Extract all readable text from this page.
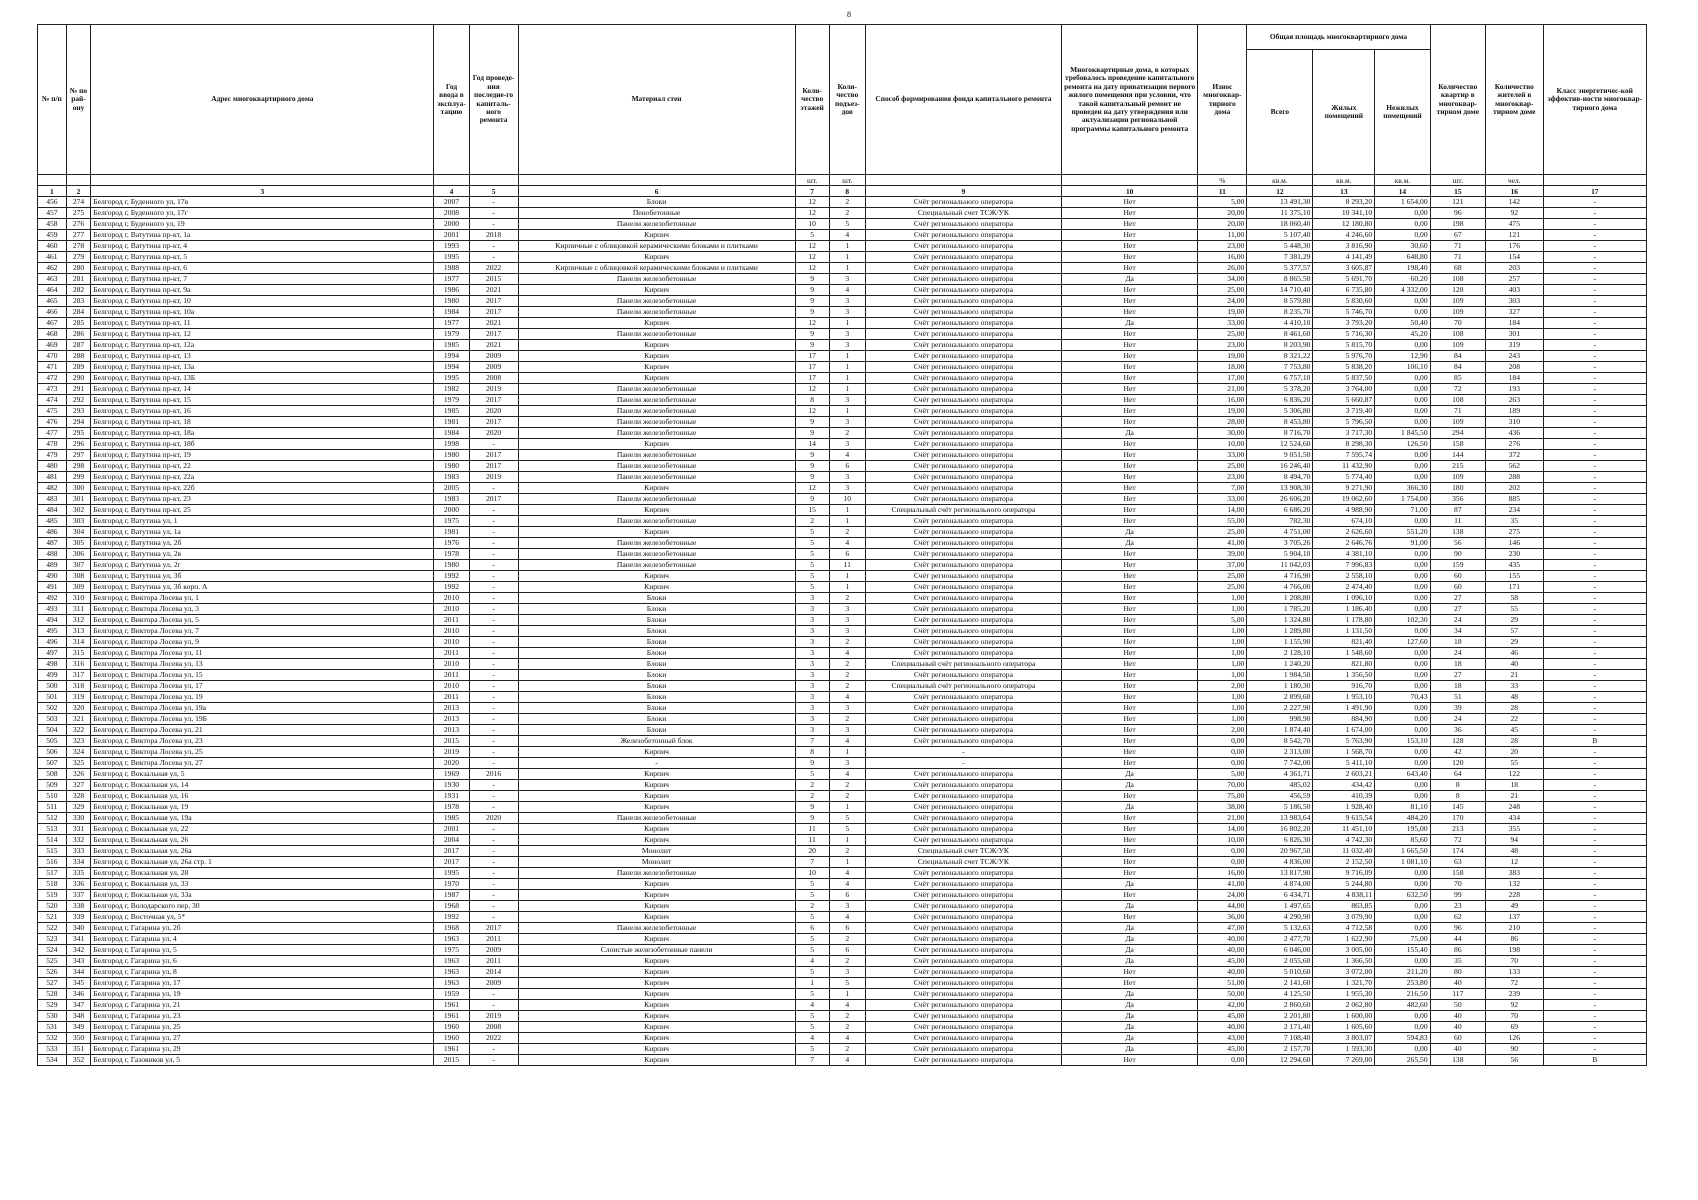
8
№ п/п	№ по рай-ону	Адрес многоквартирного дома	Год ввода в эксплуа-тацию	Год проведе-ния последне-го капиталь-ного ремонта	Материал стен	Коли-чество этажей	Коли-чество подъез-дов	Способ формирования фонда капитального ремонта	Многоквартирные дома, в которых требовалось проведение капитального ремонта на дату приватизации первого жилого помещения при условии, что такой капитальный ремонт не проведен на дату утверждения или актуализации региональной программы капитального ремонта	Износ многоквар-тирного дома	Общая площадь многоквартирного дома			Количество квартир в многоквар-тирном доме	Количество жителей в многоквар-тирном доме	Класс энергетичес-кой эффектив-ности многоквар-тирного дома
											Всего	Жилых помещений	Нежилых помещений			
						шт.	шт.			%	кв.м.	кв.м.	кв.м.	шт.	чел.	
1	2	3	4	5	6	7	8	9	10	11	12	13	14	15	16	17
456	274	Белгород г, Буденного ул, 17в	2007	-	Блоки	12	2	Счёт регионального оператора	Нет	5,00	13 491,30	8 293,20	1 654,00	121	142	-
457	275	Белгород г, Буденного ул, 17г	2008	-	Пенобетонные	12	2	Специальный счет ТСЖ/УК	Нет	20,00	11 375,10	10 341,10	0,00	96	92	-
458	276	Белгород г, Буденного ул, 19	2000	-	Панели железобетонные	10	5	Счёт регионального оператора	Нет	20,00	18 060,40	12 180,80	0,00	198	475	-
459	277	Белгород г, Ватутина пр-кт, 1а	2001	2018	Кирпич	5	4	Счёт регионального оператора	Нет	11,00	5 107,40	4 246,60	0,00	67	121	-
460	278	Белгород г, Ватутина пр-кт, 4	1993	-	Кирпичные с облицовкой керамическими блоками и плитками	12	1	Счёт регионального оператора	Нет	23,00	5 448,30	3 816,90	30,60	71	176	-
461	279	Белгород г, Ватутина пр-кт, 5	1995	-	Кирпич	12	1	Счёт регионального оператора	Нет	16,00	7 381,29	4 141,49	648,80	71	154	-
462	280	Белгород г, Ватутина пр-кт, 6	1988	2022	Кирпичные с облицовкой керамическими блоками и плитками	12	1	Счёт регионального оператора	Нет	26,00	5 377,57	3 605,87	198,40	68	203	-
463	281	Белгород г, Ватутина пр-кт, 7	1977	2015	Панели железобетонные	9	3	Счёт регионального оператора	Да	34,00	8 865,50	5 691,70	60,20	108	257	-
464	282	Белгород г, Ватутина пр-кт, 9а	1986	2021	Кирпич	9	4	Счёт регионального оператора	Нет	25,00	14 710,40	6 735,80	4 332,00	128	403	-
465	283	Белгород г, Ватутина пр-кт, 10	1980	2017	Панели железобетонные	9	3	Счёт регионального оператора	Нет	24,00	8 579,80	5 830,60	0,00	109	303	-
466	284	Белгород г, Ватутина пр-кт, 10а	1984	2017	Панели железобетонные	9	3	Счёт регионального оператора	Нет	19,00	8 235,70	5 746,70	0,00	109	327	-
467	285	Белгород г, Ватутина пр-кт, 11	1977	2021	Кирпич	12	1	Счёт регионального оператора	Да	33,00	4 410,10	3 793,20	50,40	70	184	-
468	286	Белгород г, Ватутина пр-кт, 12	1979	2017	Панели железобетонные	9	3	Счёт регионального оператора	Нет	25,00	8 461,60	5 716,30	45,20	108	301	-
469	287	Белгород г, Ватутина пр-кт, 12а	1985	2021	Кирпич	9	3	Счёт регионального оператора	Нет	23,00	8 203,90	5 815,70	0,00	109	319	-
470	288	Белгород г, Ватутина пр-кт, 13	1994	2009	Кирпич	17	1	Счёт регионального оператора	Нет	19,00	8 321,22	5 976,70	12,90	84	243	-
471	289	Белгород г, Ватутина пр-кт, 13а	1994	2009	Кирпич	17	1	Счёт регионального оператора	Нет	18,00	7 753,80	5 838,20	106,10	84	208	-
472	290	Белгород г, Ватутина пр-кт, 13Б	1995	2008	Кирпич	17	1	Счёт регионального оператора	Нет	17,00	6 757,10	5 837,50	0,00	85	184	-
473	291	Белгород г, Ватутина пр-кт, 14	1982	2019	Панели железобетонные	12	1	Счёт регионального оператора	Нет	21,00	5 378,20	3 764,00	0,00	72	193	-
474	292	Белгород г, Ватутина пр-кт, 15	1979	2017	Панели железобетонные	8	3	Счёт регионального оператора	Нет	16,00	6 836,20	5 660,87	0,00	108	263	-
475	293	Белгород г, Ватутина пр-кт, 16	1985	2020	Панели железобетонные	12	1	Счёт регионального оператора	Нет	19,00	5 306,80	3 719,40	0,00	71	189	-
476	294	Белгород г, Ватутина пр-кт, 18	1981	2017	Панели железобетонные	9	3	Счёт регионального оператора	Нет	28,00	8 453,80	5 796,50	0,00	109	310	-
477	295	Белгород г, Ватутина пр-кт, 18а	1984	2020	Панели железобетонные	9	2	Счёт регионального оператора	Да	30,00	8 716,70	3 717,30	1 845,50	294	436	-
478	296	Белгород г, Ватутина пр-кт, 18б	1998	-	Кирпич	14	3	Счёт регионального оператора	Нет	10,00	12 524,60	8 298,30	126,50	158	276	-
479	297	Белгород г, Ватутина пр-кт, 19	1980	2017	Панели железобетонные	9	4	Счёт регионального оператора	Нет	33,00	9 051,50	7 595,74	0,00	144	372	-
480	298	Белгород г, Ватутина пр-кт, 22	1980	2017	Панели железобетонные	9	6	Счёт регионального оператора	Нет	25,00	16 246,40	11 432,90	0,00	215	562	-
481	299	Белгород г, Ватутина пр-кт, 22а	1983	2019	Панели железобетонные	9	3	Счёт регионального оператора	Нет	23,00	8 494,70	5 774,40	0,00	109	288	-
482	300	Белгород г, Ватутина пр-кт, 22б	2005	-	Кирпич	12	3	Счёт регионального оператора	Нет	7,00	13 908,30	9 271,90	366,30	180	202	-
483	301	Белгород г, Ватутина пр-кт, 23	1983	2017	Панели железобетонные	9	10	Счёт регионального оператора	Нет	33,00	26 606,20	19 062,60	1 754,00	356	885	-
484	302	Белгород г, Ватутина пр-кт, 25	2000	-	Кирпич	15	1	Специальный счёт регионального оператора	Нет	14,00	6 686,20	4 988,90	71,00	87	234	-
485	303	Белгород г, Ватутина ул, 1	1975	-	Панели железобетонные	2	1	Счёт регионального оператора	Нет	55,00	782,30	674,10	0,00	11	35	-
486	304	Белгород г, Ватутина ул, 1а	1981	-	Кирпич	5	2	Счёт регионального оператора	Да	25,00	4 751,00	2 626,60	551,20	138	275	-
487	305	Белгород г, Ватутина ул, 2б	1976	-	Панели железобетонные	5	4	Счёт регионального оператора	Да	41,00	3 705,26	2 646,76	91,00	56	146	-
488	306	Белгород г, Ватутина ул, 2в	1978	-	Панели железобетонные	5	6	Счёт регионального оператора	Нет	39,00	5 904,10	4 381,10	0,00	90	230	-
489	307	Белгород г, Ватутина ул, 2г	1980	-	Панели железобетонные	5	11	Счёт регионального оператора	Нет	37,00	11 042,03	7 996,83	0,00	159	435	-
490	308	Белгород г, Ватутина ул, 3б	1992	-	Кирпич	5	1	Счёт регионального оператора	Нет	25,00	4 716,90	2 558,10	0,00	60	155	-
491	309	Белгород г, Ватутина ул, 3б корп. А	1992	-	Кирпич	5	1	Счёт регионального оператора	Нет	25,00	4 766,00	2 474,40	0,00	60	171	-
492	310	Белгород г, Виктора Лосева ул, 1	2010	-	Блоки	3	2	Счёт регионального оператора	Нет	1,00	1 208,80	1 096,10	0,00	27	58	-
493	311	Белгород г, Виктора Лосева ул, 3	2010	-	Блоки	3	3	Счёт регионального оператора	Нет	1,00	1 785,20	1 186,40	0,00	27	55	-
494	312	Белгород г, Виктора Лосева ул, 5	2011	-	Блоки	3	3	Счёт регионального оператора	Нет	5,00	1 324,80	1 178,80	102,30	24	29	-
495	313	Белгород г, Виктора Лосева ул, 7	2010	-	Блоки	3	3	Счёт регионального оператора	Нет	1,00	1 289,80	1 131,50	0,00	34	57	-
496	314	Белгород г, Виктора Лосева ул, 9	2010	-	Блоки	3	2	Счёт регионального оператора	Нет	1,00	1 155,90	821,40	127,60	18	29	-
497	315	Белгород г, Виктора Лосева ул, 11	2011	-	Блоки	3	4	Счёт регионального оператора	Нет	1,00	2 128,10	1 548,60	0,00	24	46	-
498	316	Белгород г, Виктора Лосева ул, 13	2010	-	Блоки	3	2	Специальный счёт регионального оператора	Нет	1,00	1 240,20	821,80	0,00	18	40	-
499	317	Белгород г, Виктора Лосева ул, 15	2011	-	Блоки	3	2	Счёт регионального оператора	Нет	1,00	1 984,50	1 356,50	0,00	27	21	-
500	318	Белгород г, Виктора Лосева ул, 17	2010	-	Блоки	3	2	Специальный счёт регионального оператора	Нет	2,00	1 180,30	916,70	0,00	18	33	-
501	319	Белгород г, Виктора Лосева ул, 19	2011	-	Блоки	3	4	Счёт регионального оператора	Нет	1,00	2 899,60	1 953,10	70,43	51	48	-
502	320	Белгород г, Виктора Лосева ул, 19а	2013	-	Блоки	3	3	Счёт регионального оператора	Нет	1,00	2 227,90	1 491,90	0,00	39	28	-
503	321	Белгород г, Виктора Лосева ул, 19Б	2013	-	Блоки	3	2	Счёт регионального оператора	Нет	1,00	998,90	884,90	0,00	24	22	-
504	322	Белгород г, Виктора Лосева ул, 21	2013	-	Блоки	3	3	Счёт регионального оператора	Нет	2,00	1 874,40	1 674,00	0,00	36	45	-
505	323	Белгород г, Виктора Лосева ул, 23	2015	-	Железобетонный блок	7	4	Счёт регионального оператора	Нет	0,00	8 542,70	5 763,90	153,10	128	28	В
506	324	Белгород г, Виктора Лосева ул, 25	2019	-	Кирпич	8	1	-	Нет	0,00	2 313,00	1 568,70	0,00	42	20	-
507	325	Белгород г, Виктора Лосева ул, 27	2020	-	-	9	3	-	Нет	0,00	7 742,00	5 411,10	0,00	120	55	-
508	326	Белгород г, Вокзальная ул, 5	1969	2016	Кирпич	5	4	Счёт регионального оператора	Да	5,00	4 361,71	2 603,21	643,40	64	122	-
509	327	Белгород г, Вокзальная ул, 14	1930	-	Кирпич	2	2	Счёт регионального оператора	Да	70,00	485,02	434,42	0,00	8	18	-
510	328	Белгород г, Вокзальная ул, 16	1931	-	Кирпич	2	2	Счёт регионального оператора	Нет	75,00	456,59	410,39	0,00	8	21	-
511	329	Белгород г, Вокзальная ул, 19	1978	-	Кирпич	9	1	Счёт регионального оператора	Да	38,00	5 186,50	1 928,40	81,10	145	248	-
512	330	Белгород г, Вокзальная ул, 19а	1985	2020	Панели железобетонные	9	5	Счёт регионального оператора	Нет	21,00	13 983,64	9 615,54	484,20	170	434	-
513	331	Белгород г, Вокзальная ул, 22	2001	-	Кирпич	11	5	Счёт регионального оператора	Нет	14,00	16 802,20	11 451,10	195,00	213	355	-
514	332	Белгород г, Вокзальная ул, 26	2004	-	Кирпич	11	1	Счёт регионального оператора	Нет	10,00	6 826,30	4 742,30	85,60	72	94	-
515	333	Белгород г, Вокзальная ул, 26а	2017	-	Монолит	20	2	Специальный счет ТСЖ/УК	Нет	0,00	20 967,50	11 032,40	1 665,50	174	48	-
516	334	Белгород г, Вокзальная ул, 26а стр. 1	2017	-	Монолит	7	1	Специальный счет ТСЖ/УК	Нет	0,00	4 836,00	2 152,50	1 081,10	63	12	-
517	335	Белгород г, Вокзальная ул, 28	1995	-	Панели железобетонные	10	4	Счёт регионального оператора	Нет	16,00	13 817,90	9 716,09	0,00	158	383	-
518	336	Белгород г, Вокзальная ул, 33	1970	-	Кирпич	5	4	Счёт регионального оператора	Да	41,00	4 874,00	5 244,80	0,00	70	132	-
519	337	Белгород г, Вокзальная ул, 33а	1987	-	Кирпич	5	6	Счёт регионального оператора	Нет	24,00	6 434,71	4 838,11	632,50	99	228	-
520	338	Белгород г, Володарского пер, 30	1968	-	Кирпич	2	3	Счёт регионального оператора	Да	44,00	1 497,65	863,85	0,00	23	49	-
521	339	Белгород г, Восточная ул, 5*	1992	-	Кирпич	5	4	Счёт регионального оператора	Нет	36,00	4 290,90	3 079,90	0,00	62	137	-
522	340	Белгород г, Гагарина ул, 2б	1968	2017	Панели железобетонные	6	6	Счёт регионального оператора	Да	47,00	5 132,63	4 712,58	0,00	96	210	-
523	341	Белгород г, Гагарина ул, 4	1963	2011	Кирпич	5	2	Счёт регионального оператора	Да	40,00	2 477,70	1 622,90	75,00	44	86	-
524	342	Белгород г, Гагарина ул, 5	1975	2009	Слоистые железобетонные панели	5	6	Счёт регионального оператора	Да	40,00	6 046,00	3 005,00	155,40	86	198	-
525	343	Белгород г, Гагарина ул, 6	1963	2011	Кирпич	4	2	Счёт регионального оператора	Да	45,00	2 055,60	1 366,50	0,00	35	70	-
526	344	Белгород г, Гагарина ул, 8	1963	2014	Кирпич	5	3	Счёт регионального оператора	Нет	40,00	5 010,60	3 072,00	211,20	80	133	-
527	345	Белгород г, Гагарина ул, 17	1963	2009	Кирпич	1	5	Счёт регионального оператора	Нет	51,00	2 141,60	1 321,70	253,80	40	72	-
528	346	Белгород г, Гагарина ул, 19	1959	-	Кирпич	5	1	Счёт регионального оператора	Да	50,00	4 125,50	1 955,30	216,50	117	239	-
529	347	Белгород г, Гагарина ул, 21	1961	-	Кирпич	4	4	Счёт регионального оператора	Да	42,00	2 860,60	2 062,80	482,60	50	92	-
530	348	Белгород г, Гагарина ул, 23	1961	2019	Кирпич	5	2	Счёт регионального оператора	Да	45,00	2 201,80	1 600,00	0,00	40	70	-
531	349	Белгород г, Гагарина ул, 25	1960	2008	Кирпич	5	2	Счёт регионального оператора	Да	40,00	2 171,40	1 605,60	0,00	40	69	-
532	350	Белгород г, Гагарина ул, 27	1960	2022	Кирпич	4	4	Счёт регионального оператора	Да	43,00	7 108,40	3 803,07	594,83	60	126	-
533	351	Белгород г, Гагарина ул, 29	1961	-	Кирпич	5	2	Счёт регионального оператора	Да	45,00	2 157,70	1 593,30	0,00	40	90	-
534	352	Белгород г, Газовиков ул, 5	2015	-	Кирпич	7	4	Счёт регионального оператора	Нет	0,00	12 294,60	7 269,00	265,50	138	56	В
